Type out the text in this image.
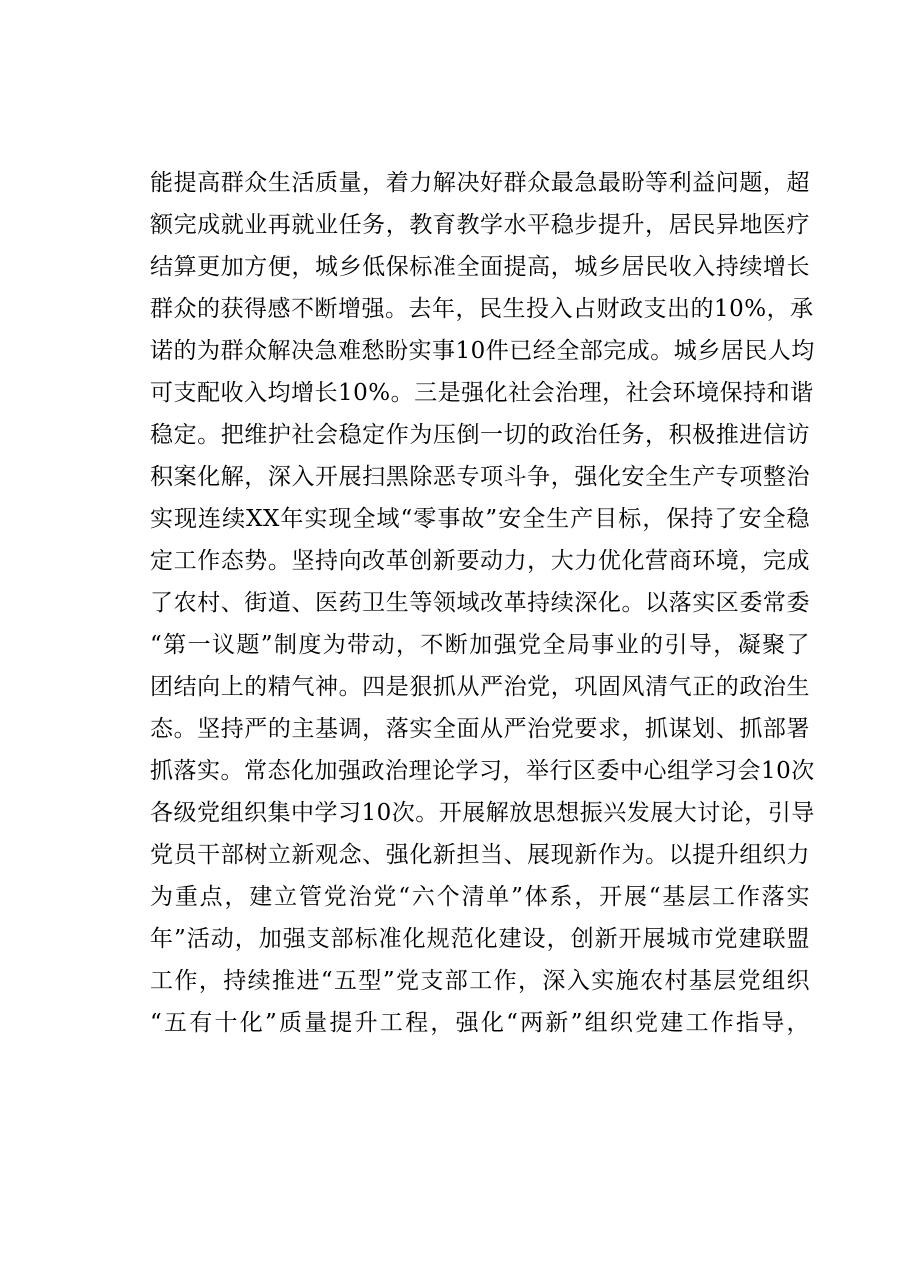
能提高群众生活质量，着力解决好群众最急最盼等利益问题，超
额完成就业再就业任务，教育教学水平稳步提升，居民异地医疗
结算更加方便，城乡低保标准全面提高，城乡居民收入持续增长
群众的获得感不断增强。去年，民生投入占财政支出的10%，承
诺的为群众解决急难愁盼实事10件已经全部完成。城乡居民人均
可支配收入均增长10%。三是强化社会治理，社会环境保持和谐
稳定。把维护社会稳定作为压倒一切的政治任务，积极推进信访
积案化解，深入开展扫黑除恶专项斗争，强化安全生产专项整治
实现连续XX年实现全域“零事故”安全生产目标，保持了安全稳
定工作态势。坚持向改革创新要动力，大力优化营商环境，完成
了农村、街道、医药卫生等领域改革持续深化。以落实区委常委
“第一议题”制度为带动，不断加强党全局事业的引导，凝聚了
团结向上的精气神。四是狠抓从严治党，巩固风清气正的政治生
态。坚持严的主基调，落实全面从严治党要求，抓谋划、抓部署
抓落实。常态化加强政治理论学习，举行区委中心组学习会10次
各级党组织集中学习10次。开展解放思想振兴发展大讨论，引导
党员干部树立新观念、强化新担当、展现新作为。以提升组织力
为重点，建立管党治党“六个清单”体系，开展“基层工作落实
年”活动，加强支部标准化规范化建设，创新开展城市党建联盟
工作，持续推进“五型”党支部工作，深入实施农村基层党组织
“五有十化”质量提升工程，强化“两新”组织党建工作指导，
